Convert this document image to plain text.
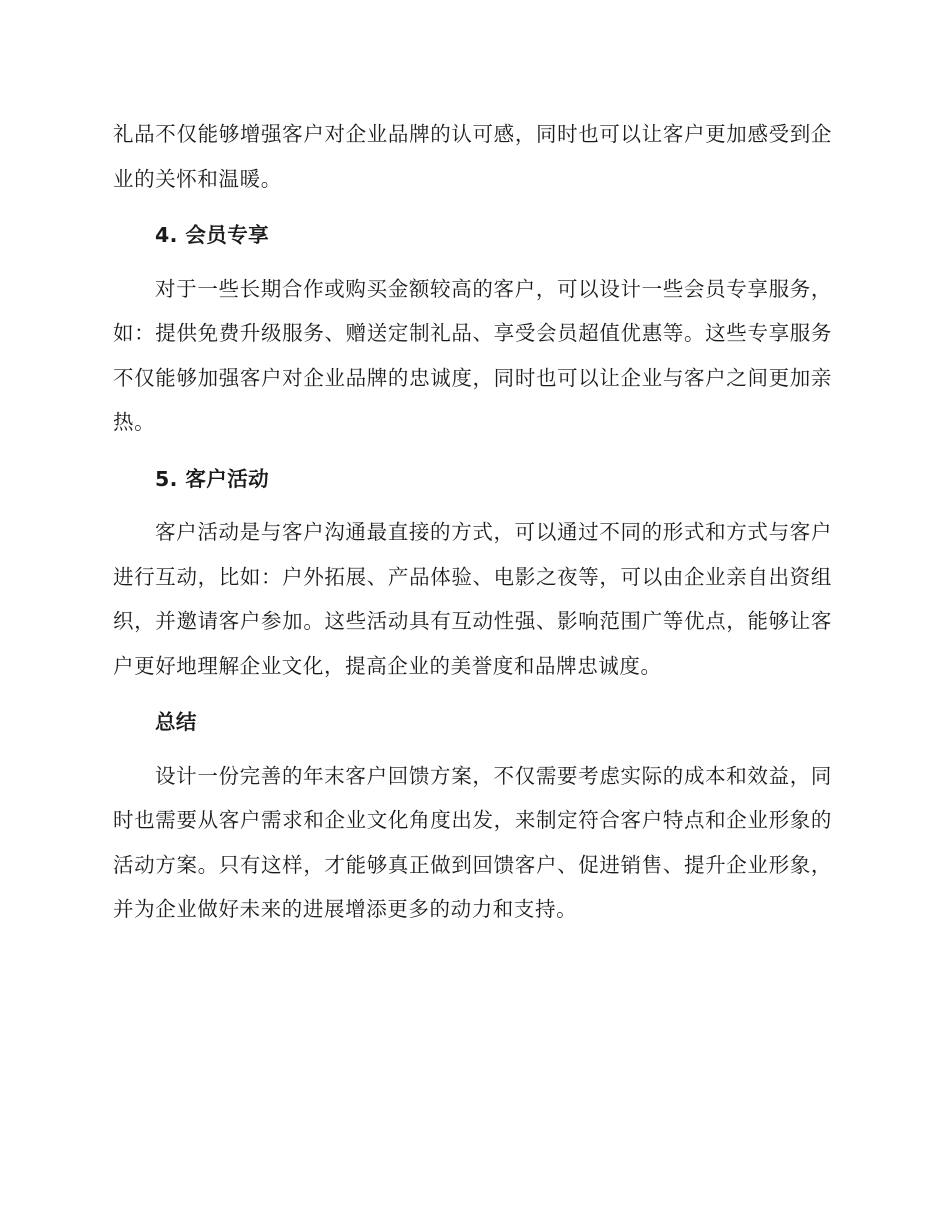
礼品不仅能够增强客户对企业品牌的认可感，同时也可以让客户更加感受到企业的关怀和温暖。

4. 会员专享

对于一些长期合作或购买金额较高的客户，可以设计一些会员专享服务，如：提供免费升级服务、赠送定制礼品、享受会员超值优惠等。这些专享服务不仅能够加强客户对企业品牌的忠诚度，同时也可以让企业与客户之间更加亲热。

5. 客户活动

客户活动是与客户沟通最直接的方式，可以通过不同的形式和方式与客户进行互动，比如：户外拓展、产品体验、电影之夜等，可以由企业亲自出资组织，并邀请客户参加。这些活动具有互动性强、影响范围广等优点，能够让客户更好地理解企业文化，提高企业的美誉度和品牌忠诚度。

总结

设计一份完善的年末客户回馈方案，不仅需要考虑实际的成本和效益，同时也需要从客户需求和企业文化角度出发，来制定符合客户特点和企业形象的活动方案。只有这样，才能够真正做到回馈客户、促进销售、提升企业形象，并为企业做好未来的进展增添更多的动力和支持。
